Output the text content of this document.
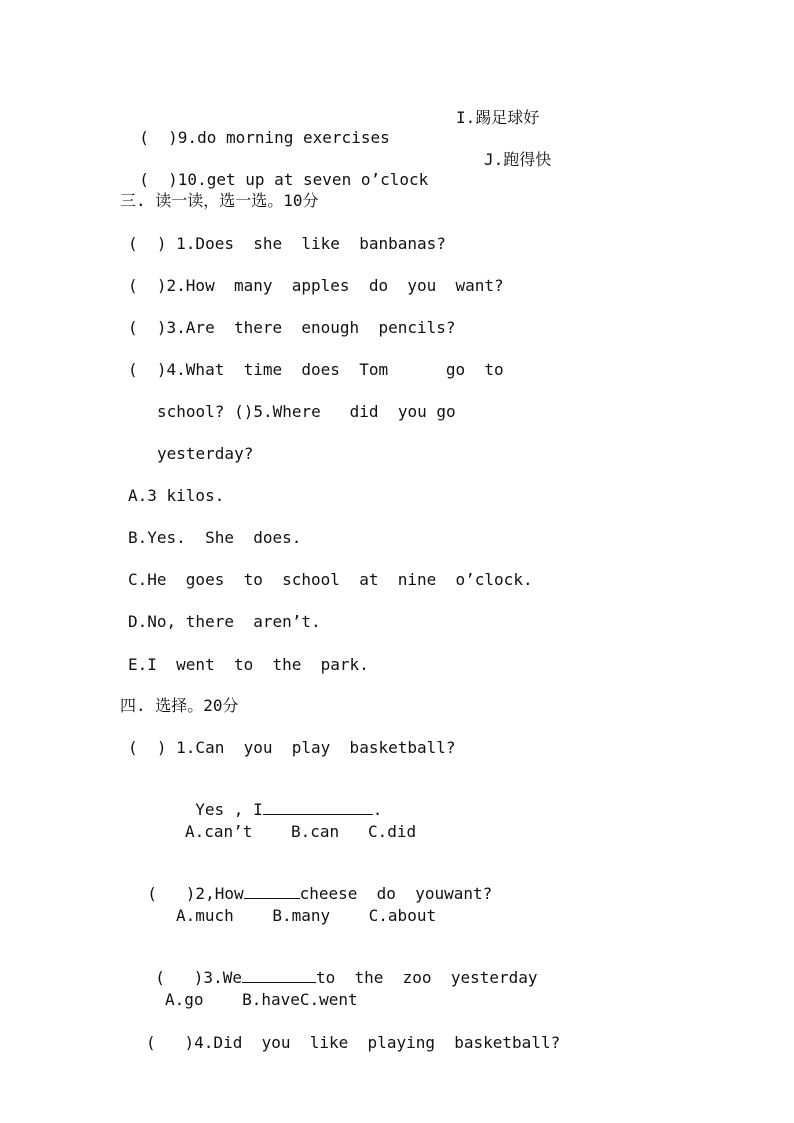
(  )9.do morning exercises

I.踢足球好

(  )10.get up at seven o’clock

J.跑得快
三. 读一读，选一选。10分
(  ) 1.Does  she  like  banbanas?
(  )2.How  many  apples  do  you  want?
(  )3.Are  there  enough  pencils?
(  )4.What  time  does  Tom      go  to
school? ()5.Where   did  you go
yesterday?
A.3 kilos.
B.Yes.  She  does.
C.He  goes  to  school  at  nine  o’clock.
D.No, there  aren’t.
E.I  went  to  the  park.
四. 选择。20分
(  ) 1.Can  you  play  basketball?

Yes , I	.

A.can’t    B.can   C.did

(   )2,How	cheese  do  youwant?

A.much    B.many    C.about

(   )3.We	to  the  zoo  yesterday

A.go    B.haveC.went
(   )4.Did  you  like  playing  basketball?
